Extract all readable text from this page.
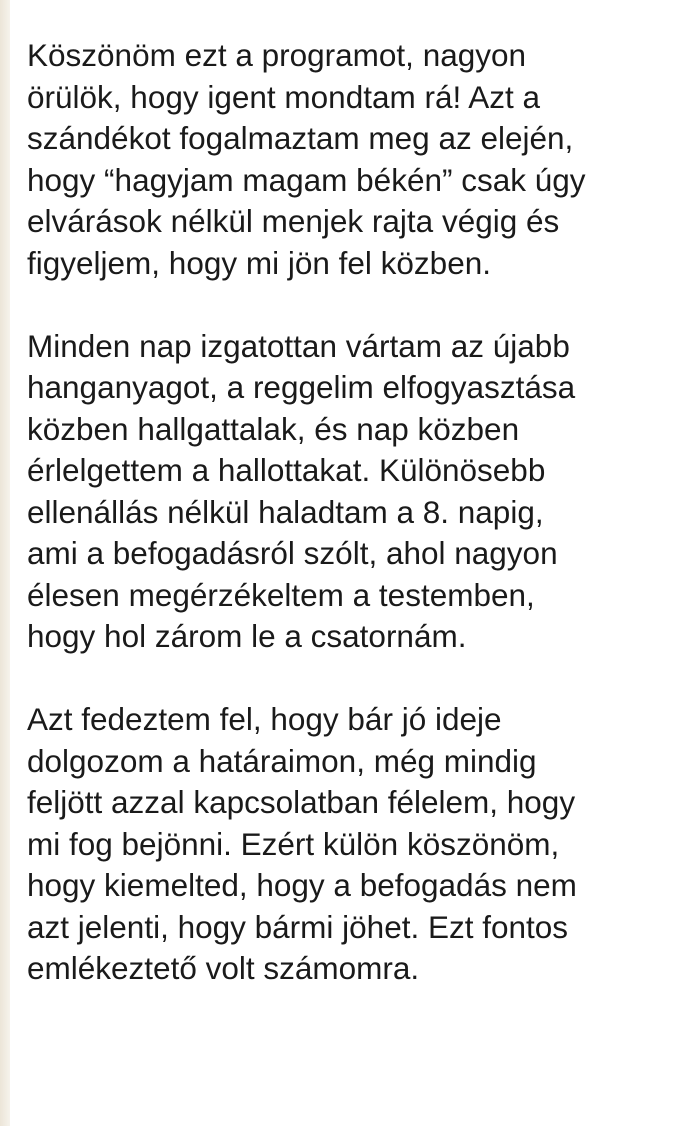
Köszönöm ezt a programot, nagyon
örülök, hogy igent mondtam rá! Azt a
szándékot fogalmaztam meg az elején,
hogy “hagyjam magam békén” csak úgy
elvárások nélkül menjek rajta végig és
figyeljem, hogy mi jön fel közben.

Minden nap izgatottan vártam az újabb
hanganyagot, a reggelim elfogyasztása
közben hallgattalak, és nap közben
érlelgettem a hallottakat. Különösebb
ellenállás nélkül haladtam a 8. napig,
ami a befogadásról szólt, ahol nagyon
élesen megérzékeltem a testemben,
hogy hol zárom le a csatornám.

Azt fedeztem fel, hogy bár jó ideje
dolgozom a határaimon, még mindig
feljött azzal kapcsolatban félelem, hogy
mi fog bejönni. Ezért külön köszönöm,
hogy kiemelted, hogy a befogadás nem
azt jelenti, hogy bármi jöhet. Ezt fontos
emlékeztető volt számomra.
